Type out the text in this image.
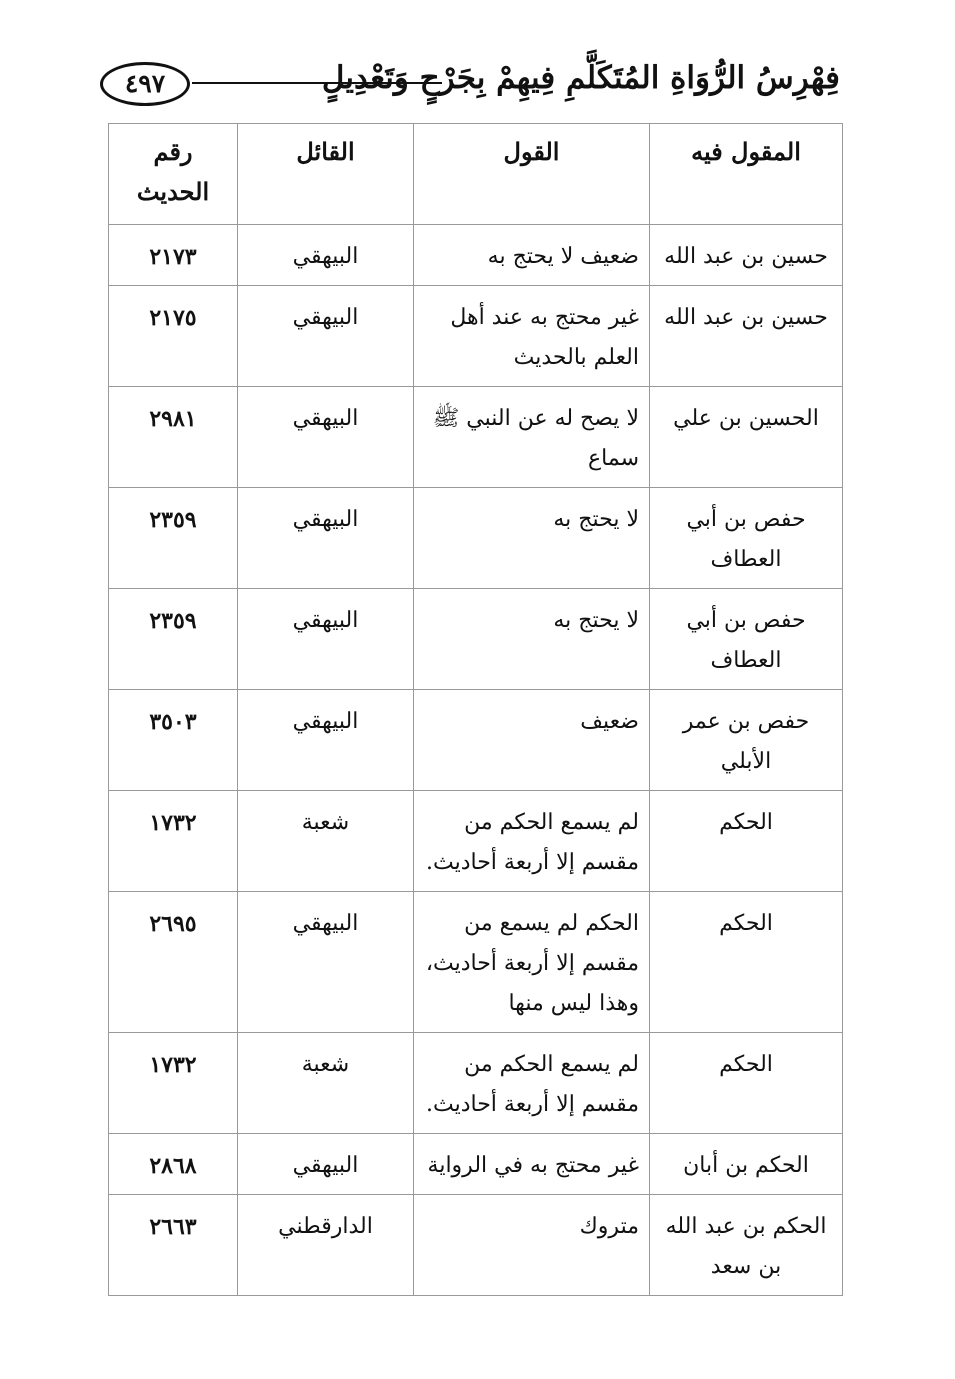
٤٩٧	فِهْرِسُ الرُّوَاةِ المُتَكَلَّمِ فِيهِمْ بِجَرْحٍ وَتَعْدِيلٍ
المقول فيه	القول	القائل	رقم الحديث
حسين بن عبد الله	ضعيف لا يحتج به	البيهقي	٢١٧٣
حسين بن عبد الله	غير محتج به عند أهل العلم بالحديث	البيهقي	٢١٧٥
الحسين بن علي	لا يصح له عن النبي ﷺ سماع	البيهقي	٢٩٨١
حفص بن أبي العطاف	لا يحتج به	البيهقي	٢٣٥٩
حفص بن أبي العطاف	لا يحتج به	البيهقي	٢٣٥٩
حفص بن عمر الأبلي	ضعيف	البيهقي	٣٥٠٣
الحكم	لم يسمع الحكم من مقسم إلا أربعة أحاديث.	شعبة	١٧٣٢
الحكم	الحكم لم يسمع من مقسم إلا أربعة أحاديث، وهذا ليس منها	البيهقي	٢٦٩٥
الحكم	لم يسمع الحكم من مقسم إلا أربعة أحاديث.	شعبة	١٧٣٢
الحكم بن أبان	غير محتج به في الرواية	البيهقي	٢٨٦٨
الحكم بن عبد الله بن سعد	متروك	الدارقطني	٢٦٦٣
